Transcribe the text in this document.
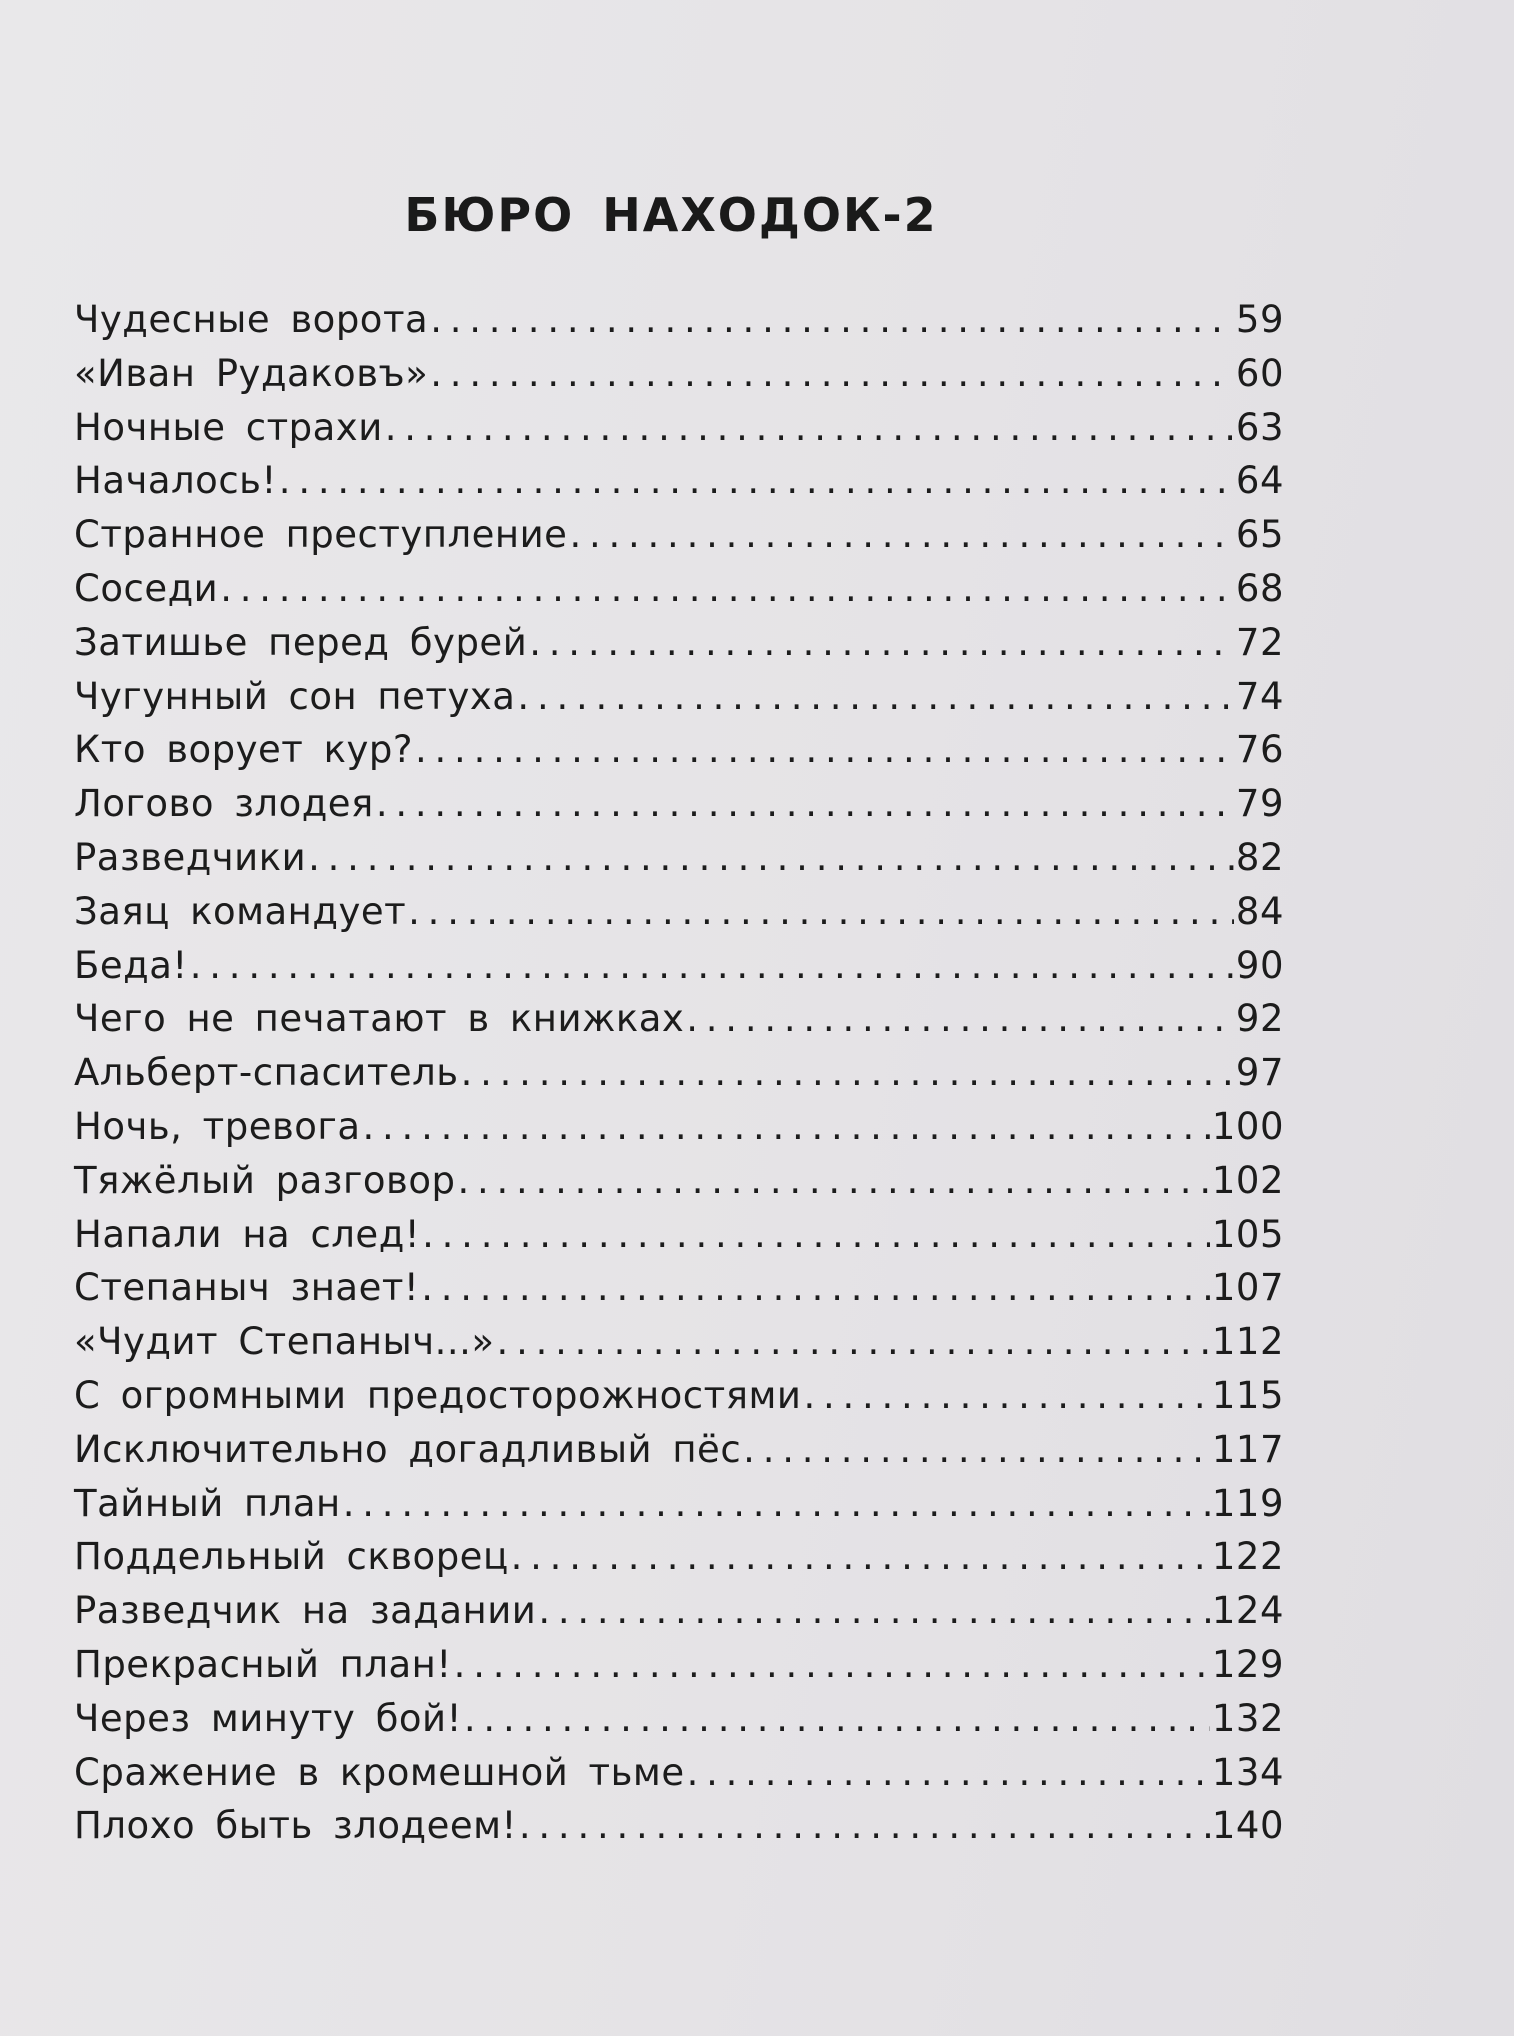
БЮРО НАХОДОК-2
Чудесные ворота . . .	59
«Иван Рудаковъ» . . .	60
Ночные страхи . . .	63
Началось! . . .	64
Странное преступление . . .	65
Соседи . . .	68
Затишье перед бурей . . .	72
Чугунный сон петуха . . .	74
Кто ворует кур? . . .	76
Логово злодея . . .	79
Разведчики . . .	82
Заяц командует . . .	84
Беда! . . .	90
Чего не печатают в книжках . . .	92
Альберт-спаситель . . .	97
Ночь, тревога . . .	100
Тяжёлый разговор . . .	102
Напали на след! . . .	105
Степаныч знает! . . .	107
«Чудит Степаныч...» . . .	112
С огромными предосторожностями . . .	115
Исключительно догадливый пёс . . .	117
Тайный план . . .	119
Поддельный скворец . . .	122
Разведчик на задании . . .	124
Прекрасный план! . . .	129
Через минуту бой! . . .	132
Сражение в кромешной тьме . . .	134
Плохо быть злодеем! . . .	140
